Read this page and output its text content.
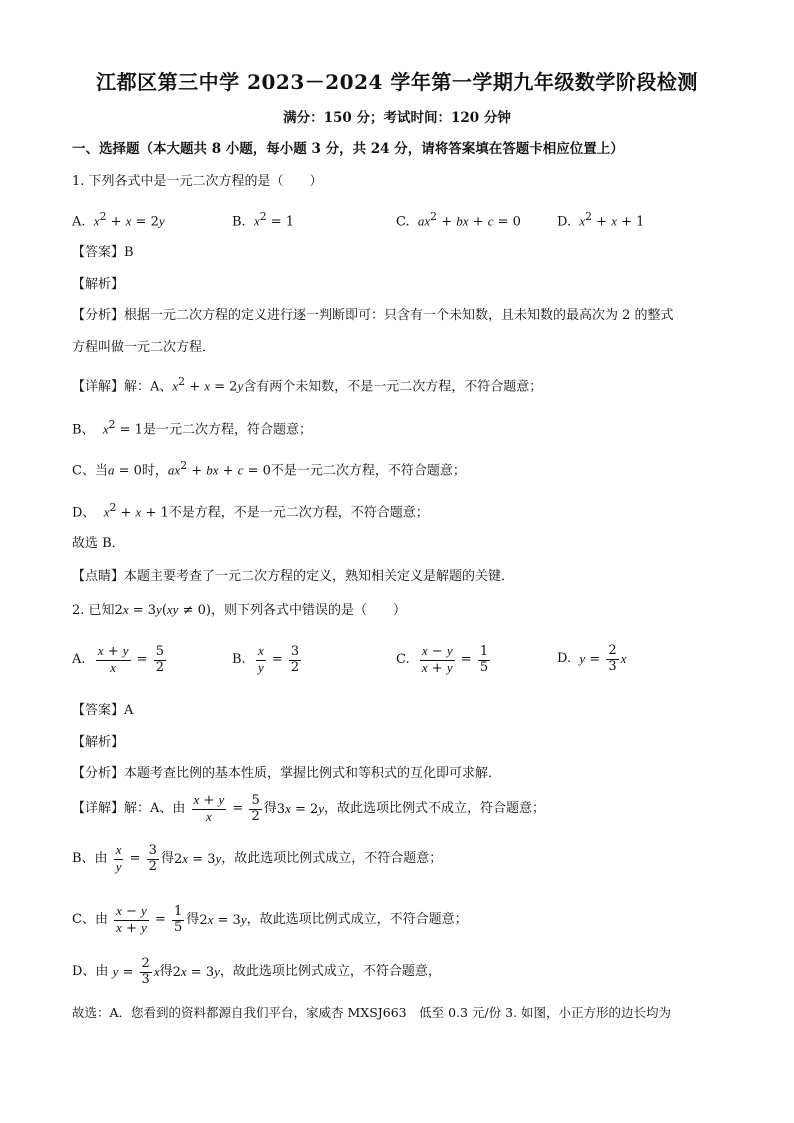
江都区第三中学 2023－2024 学年第一学期九年级数学阶段检测
满分：150 分；考试时间：120 分钟
一、选择题（本大题共 8 小题，每小题 3 分，共 24 分，请将答案填在答题卡相应位置上）
1. 下列各式中是一元二次方程的是（　　）
A. $x^2 + x = 2y$	B. $x^2 = 1$	C. $ax^2$ + bx + c = 0	D. $x^2 + x + 1$
【答案】B
【解析】
【分析】根据一元二次方程的定义进行逐一判断即可：只含有一个未知数，且未知数的最高次为 2 的整式
方程叫做一元二次方程．
【详解】解：A、$x^2 + x = 2y$含有两个未知数，不是一元二次方程，不符合题意；
B、 $x^2 = 1$是一元二次方程，符合题意；
C、当a = 0时，$ax^2$ + bx + c = 0不是一元二次方程，不符合题意；
D、 $x^2 + x + 1$不是方程，不是一元二次方程，不符合题意；
故选 B．
【点睛】本题主要考查了一元二次方程的定义，熟知相关定义是解题的关键．
2. 已知2x = 3y(xy ≠ 0)，则下列各式中错误的是（　　）
A. $\frac{x + y}{x} = \frac{5}{2}$	B. $\frac{x}{y} = \frac{3}{2}$	C. $\frac{x - y}{x + y} = \frac{1}{5}$	D. $y = \frac{2}{3}$ x
【答案】A
【解析】
【分析】本题考查比例的基本性质，掌握比例式和等积式的互化即可求解．
【详解】解：A、由 $\frac{x + y}{x} = \frac{5}{2}$ 得3x = 2y，故此选项比例式不成立，符合题意；
B、由 $\frac{x}{y} = \frac{3}{2}$ 得2x = 3y，故此选项比例式成立，不符合题意；
C、由 $\frac{x - y}{x + y} = \frac{1}{5}$ 得2x = 3y，故此选项比例式成立，不符合题意；
D、由 $y = \frac{2}{3}$ x得2x = 3y，故此选项比例式成立，不符合题意，
故选：A．您看到的资料都源自我们平台，家威杏 MXSJ663　低至 0.3 元/份 3. 如图，小正方形的边长均为
